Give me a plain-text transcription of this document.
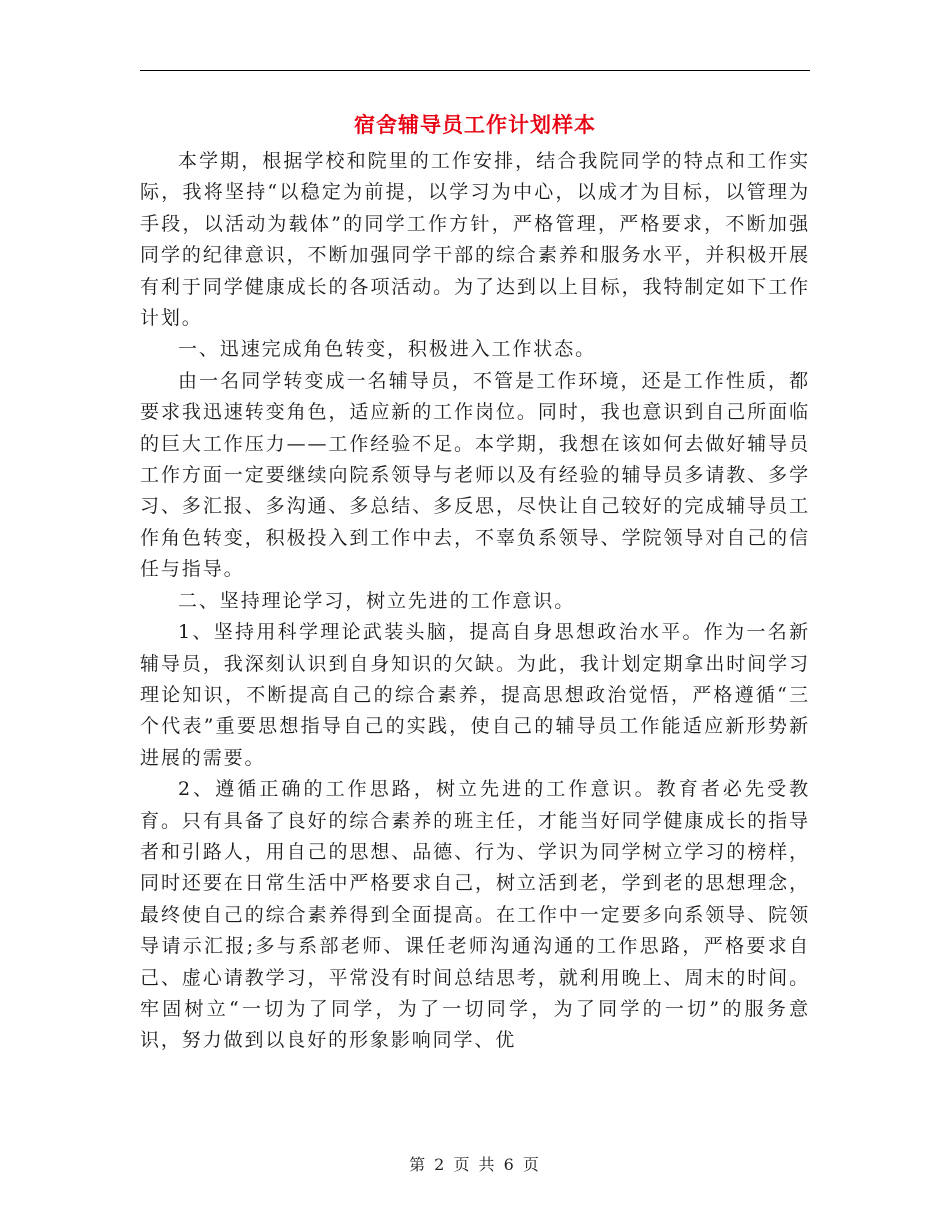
宿舍辅导员工作计划样本

本学期，根据学校和院里的工作安排，结合我院同学的特点和工作实际，我将坚持“以稳定为前提，以学习为中心，以成才为目标，以管理为手段，以活动为载体”的同学工作方针，严格管理，严格要求，不断加强同学的纪律意识，不断加强同学干部的综合素养和服务水平，并积极开展有利于同学健康成长的各项活动。为了达到以上目标，我特制定如下工作计划。

一、迅速完成角色转变，积极进入工作状态。

由一名同学转变成一名辅导员，不管是工作环境，还是工作性质，都要求我迅速转变角色，适应新的工作岗位。同时，我也意识到自己所面临的巨大工作压力——工作经验不足。本学期，我想在该如何去做好辅导员工作方面一定要继续向院系领导与老师以及有经验的辅导员多请教、多学习、多汇报、多沟通、多总结、多反思，尽快让自己较好的完成辅导员工作角色转变，积极投入到工作中去，不辜负系领导、学院领导对自己的信任与指导。

二、坚持理论学习，树立先进的工作意识。

1、坚持用科学理论武装头脑，提高自身思想政治水平。作为一名新辅导员，我深刻认识到自身知识的欠缺。为此，我计划定期拿出时间学习理论知识，不断提高自己的综合素养，提高思想政治觉悟，严格遵循“三个代表”重要思想指导自己的实践，使自己的辅导员工作能适应新形势新进展的需要。

2、遵循正确的工作思路，树立先进的工作意识。教育者必先受教育。只有具备了良好的综合素养的班主任，才能当好同学健康成长的指导者和引路人，用自己的思想、品德、行为、学识为同学树立学习的榜样，同时还要在日常生活中严格要求自己，树立活到老，学到老的思想理念，最终使自己的综合素养得到全面提高。在工作中一定要多向系领导、院领导请示汇报;多与系部老师、课任老师沟通沟通的工作思路，严格要求自己、虚心请教学习，平常没有时间总结思考，就利用晚上、周末的时间。牢固树立“一切为了同学，为了一切同学，为了同学的一切”的服务意识，努力做到以良好的形象影响同学、优

第 2 页 共 6 页
